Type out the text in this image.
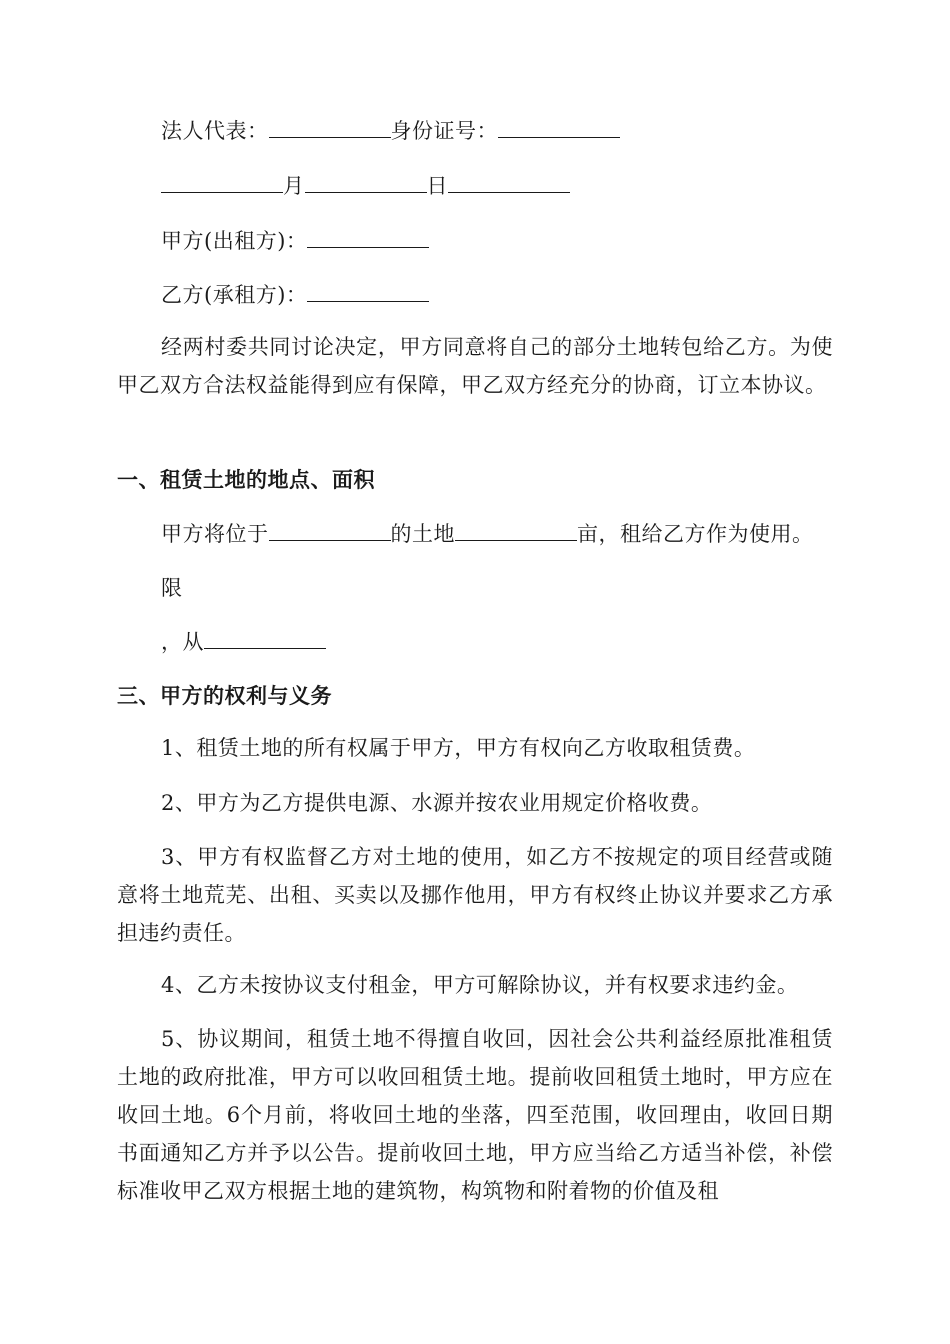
法人代表：	身份证号：
月	日
甲方(出租方)：
乙方(承租方)：
经两村委共同讨论决定，甲方同意将自己的部分土地转包给乙方。为使甲乙双方合法权益能得到应有保障，甲乙双方经充分的协商，订立本协议。
一、租赁土地的地点、面积
甲方将位于	的土地	亩，租给乙方作为使用。
限
，从
三、甲方的权利与义务
1、租赁土地的所有权属于甲方，甲方有权向乙方收取租赁费。
2、甲方为乙方提供电源、水源并按农业用规定价格收费。
3、甲方有权监督乙方对土地的使用，如乙方不按规定的项目经营或随意将土地荒芜、出租、买卖以及挪作他用，甲方有权终止协议并要求乙方承担违约责任。
4、乙方未按协议支付租金，甲方可解除协议，并有权要求违约金。
5、协议期间，租赁土地不得擅自收回，因社会公共利益经原批准租赁土地的政府批准，甲方可以收回租赁土地。提前收回租赁土地时，甲方应在收回土地。6个月前，将收回土地的坐落，四至范围，收回理由，收回日期书面通知乙方并予以公告。提前收回土地，甲方应当给乙方适当补偿，补偿标准收甲乙双方根据土地的建筑物，构筑物和附着物的价值及租
